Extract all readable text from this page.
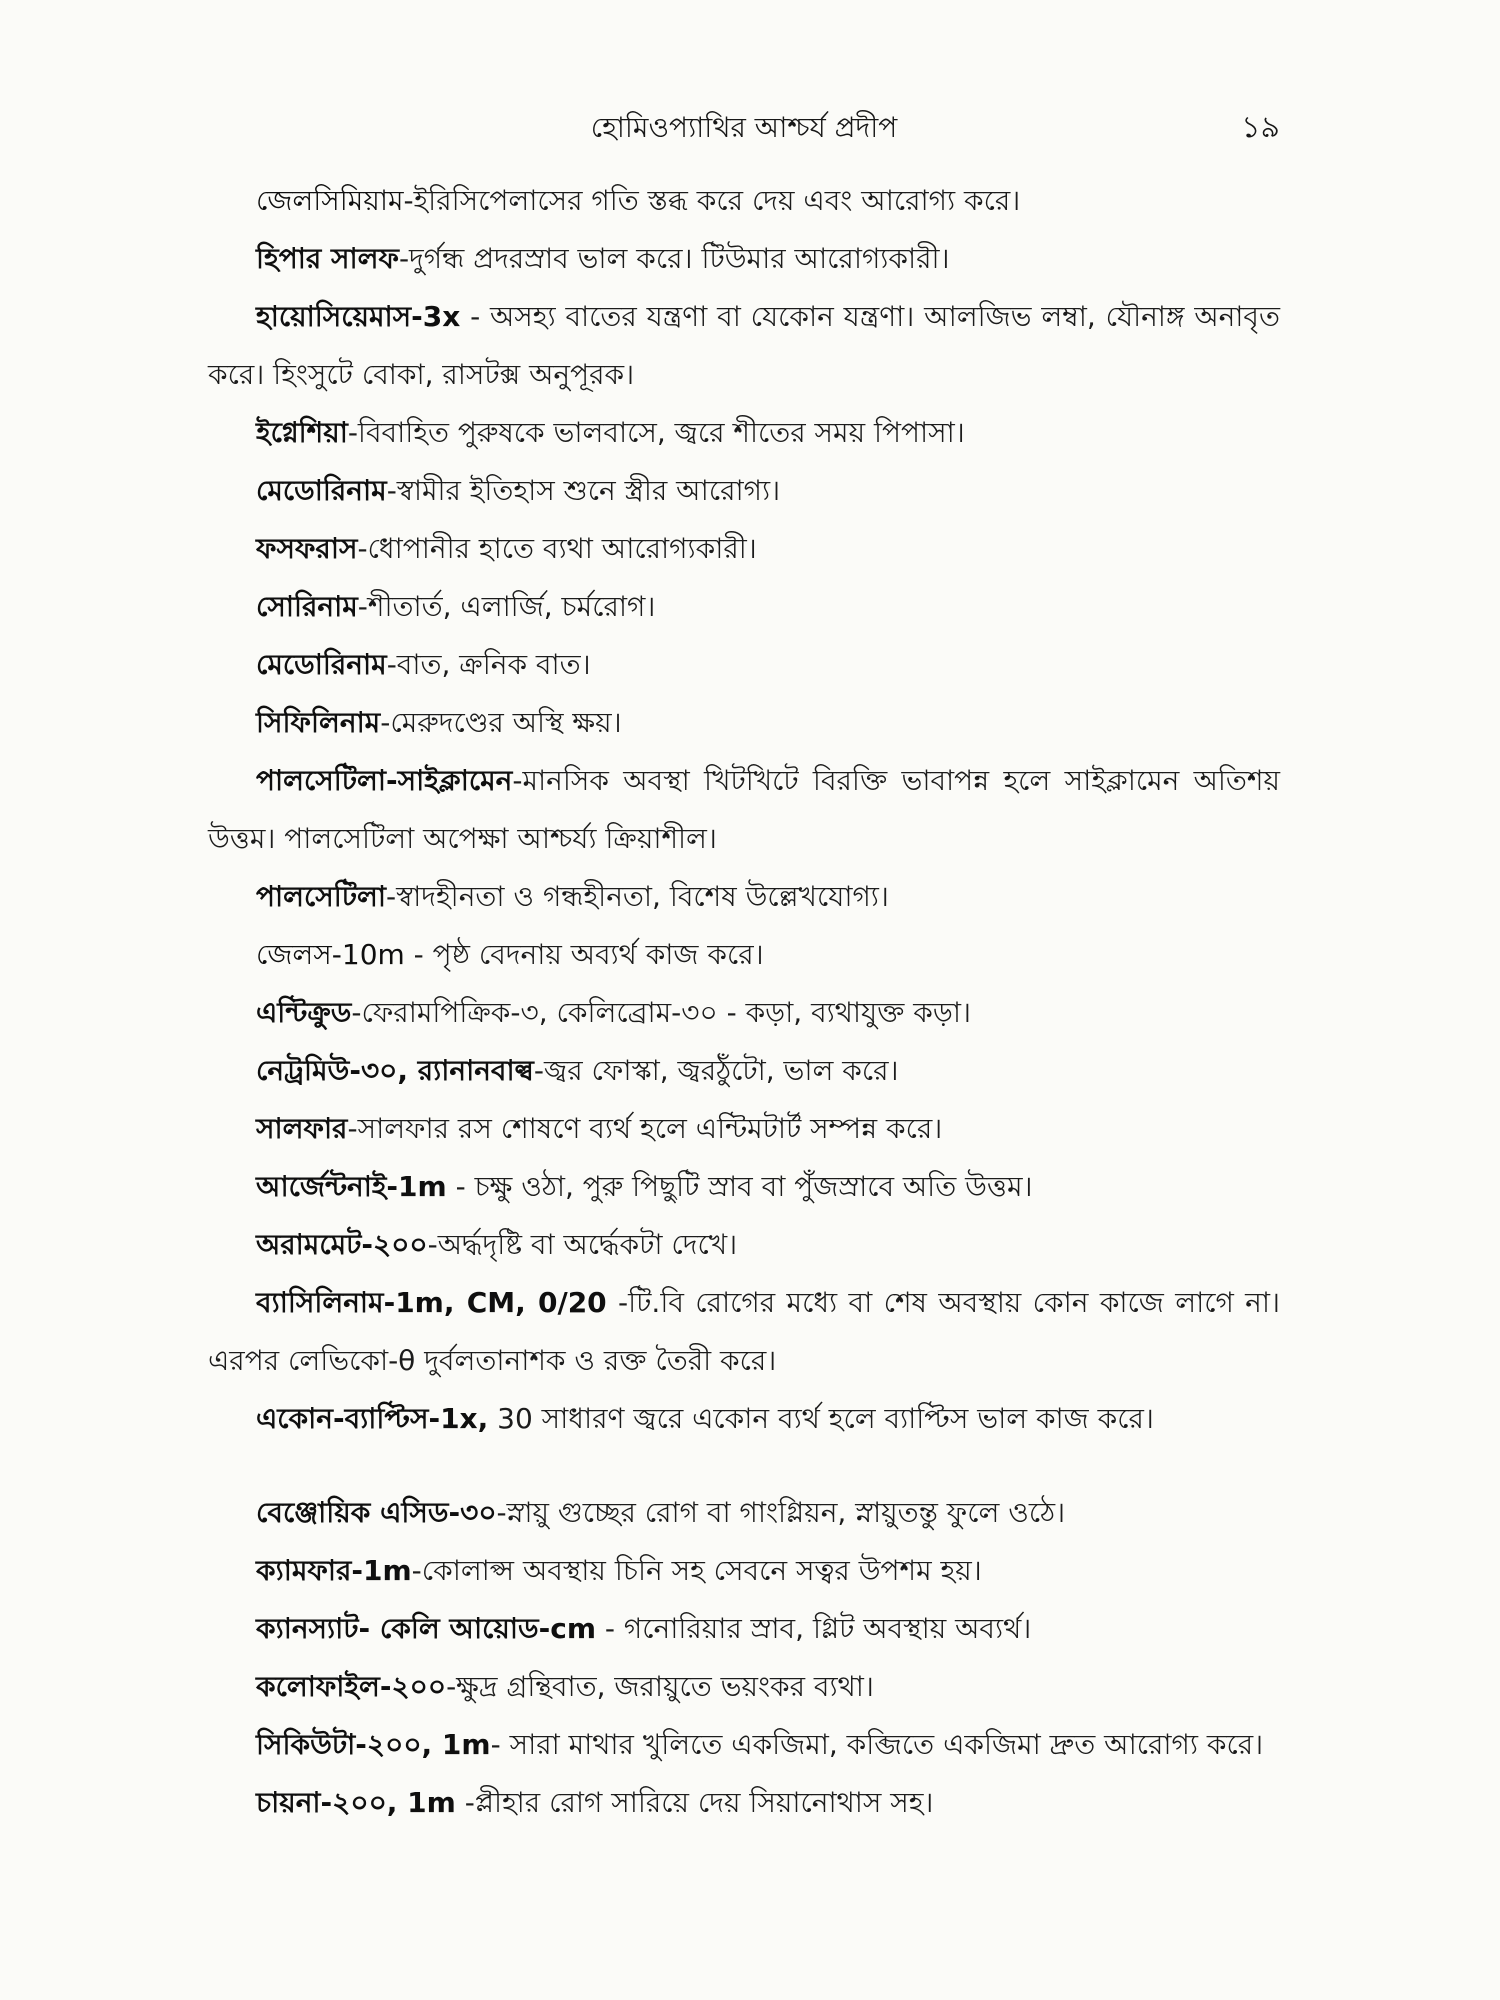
হোমিওপ্যাথির আশ্চর্য প্রদীপ	১৯

জেলসিমিয়াম-ইরিসিপেলাসের গতি স্তব্ধ করে দেয় এবং আরোগ্য করে।

হিপার সালফ-দুর্গন্ধ প্রদরস্রাব ভাল করে। টিউমার আরোগ্যকারী।

হায়োসিয়েমাস-3x - অসহ্য বাতের যন্ত্রণা বা যেকোন যন্ত্রণা। আলজিভ লম্বা, যৌনাঙ্গ অনাবৃত করে। হিংসুটে বোকা, রাসটক্স অনুপূরক।

ইগ্নেশিয়া-বিবাহিত পুরুষকে ভালবাসে, জ্বরে শীতের সময় পিপাসা।

মেডোরিনাম-স্বামীর ইতিহাস শুনে স্ত্রীর আরোগ্য।

ফসফরাস-ধোপানীর হাতে ব্যথা আরোগ্যকারী।

সোরিনাম-শীতার্ত, এলার্জি, চর্মরোগ।

মেডোরিনাম-বাত, ক্রনিক বাত।

সিফিলিনাম-মেরুদণ্ডের অস্থি ক্ষয়।

পালসেটিলা-সাইক্লামেন-মানসিক অবস্থা খিটখিটে বিরক্তি ভাবাপন্ন হলে সাইক্লামেন অতিশয় উত্তম। পালসেটিলা অপেক্ষা আশ্চর্য্য ক্রিয়াশীল।

পালসেটিলা-স্বাদহীনতা ও গন্ধহীনতা, বিশেষ উল্লেখযোগ্য।

জেলস-10m - পৃষ্ঠ বেদনায় অব্যর্থ কাজ করে।

এন্টিক্রুড-ফেরামপিক্রিক-৩, কেলিব্রোম-৩০ - কড়া, ব্যথাযুক্ত কড়া।

নেট্রমিউ-৩০, র‍্যানানবাল্ব-জ্বর ফোস্কা, জ্বরঠুঁটো, ভাল করে।

সালফার-সালফার রস শোষণে ব্যর্থ হলে এন্টিমটার্ট সম্পন্ন করে।

আর্জেন্টনাই-1m - চক্ষু ওঠা, পুরু পিছুটি স্রাব বা পুঁজস্রাবে অতি উত্তম।

অরামমেট-২০০-অর্দ্ধদৃষ্টি বা অর্দ্ধেকটা দেখে।

ব্যাসিলিনাম-1m, CM, 0/20 -টি.বি রোগের মধ্যে বা শেষ অবস্থায় কোন কাজে লাগে না। এরপর লেভিকো-θ দুর্বলতানাশক ও রক্ত তৈরী করে।

একোন-ব্যাপ্টিস-1x, 30 সাধারণ জ্বরে একোন ব্যর্থ হলে ব্যাপ্টিস ভাল কাজ করে।

বেঞ্জোয়িক এসিড-৩০-স্নায়ু গুচ্ছের রোগ বা গাংগ্লিয়ন, স্নায়ুতন্তু ফুলে ওঠে।

ক্যামফার-1m-কোলাপ্স অবস্থায় চিনি সহ সেবনে সত্বর উপশম হয়।

ক্যানস্যাট- কেলি আয়োড-cm - গনোরিয়ার স্রাব, গ্লিট অবস্থায় অব্যর্থ।

কলোফাইল-২০০-ক্ষুদ্র গ্রন্থিবাত, জরায়ুতে ভয়ংকর ব্যথা।

সিকিউটা-২০০, 1m- সারা মাথার খুলিতে একজিমা, কব্জিতে একজিমা দ্রুত আরোগ্য করে।

চায়না-২০০, 1m -প্লীহার রোগ সারিয়ে দেয় সিয়ানোথাস সহ।
